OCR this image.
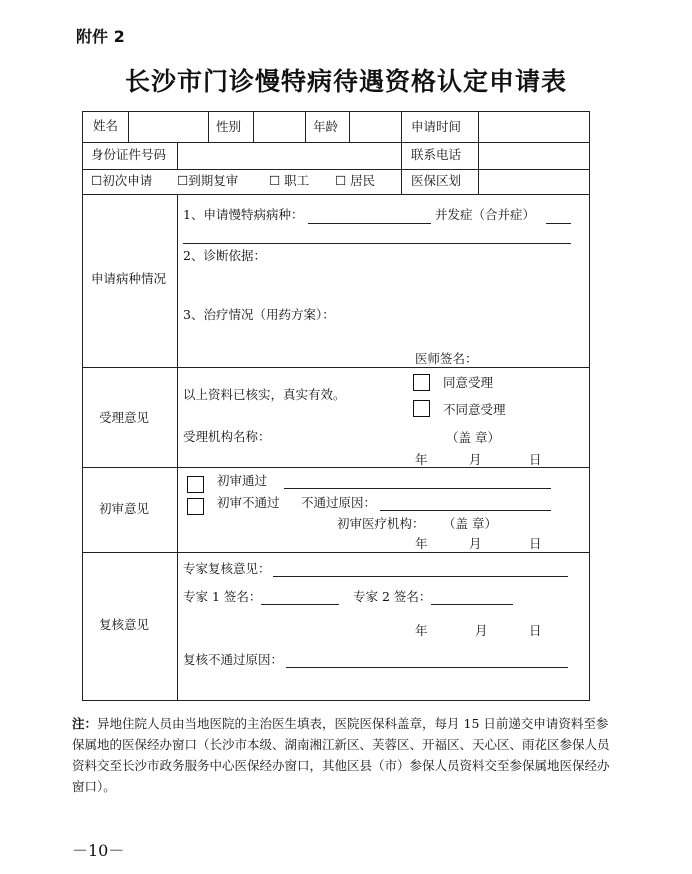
附件 2
长沙市门诊慢特病待遇资格认定申请表
姓名	性别	年龄	申请时间
身份证件号码	联系电话
☐初次申请 ☐到期复审 ☐ 职工 ☐ 居民	医保区划
申请病种情况
1、申请慢特病病种：	并发症（合并症）
2、诊断依据：
3、治疗情况（用药方案）：
医师签名：
受理意见
以上资料已核实，真实有效。
受理机构名称：
同意受理
不同意受理
（盖 章）
年	月	日
初审意见
初审通过
初审不通过 不通过原因：
初审医疗机构： （盖 章）
年	月	日
复核意见
专家复核意见：
专家 1 签名：	专家 2 签名：
年	月	日
复核不通过原因：
注：异地住院人员由当地医院的主治医生填表，医院医保科盖章，每月 15 日前递交申请资料至参保属地的医保经办窗口（长沙市本级、湖南湘江新区、芙蓉区、开福区、天心区、雨花区参保人员资料交至长沙市政务服务中心医保经办窗口，其他区县（市）参保人员资料交至参保属地医保经办窗口）。
－10－
